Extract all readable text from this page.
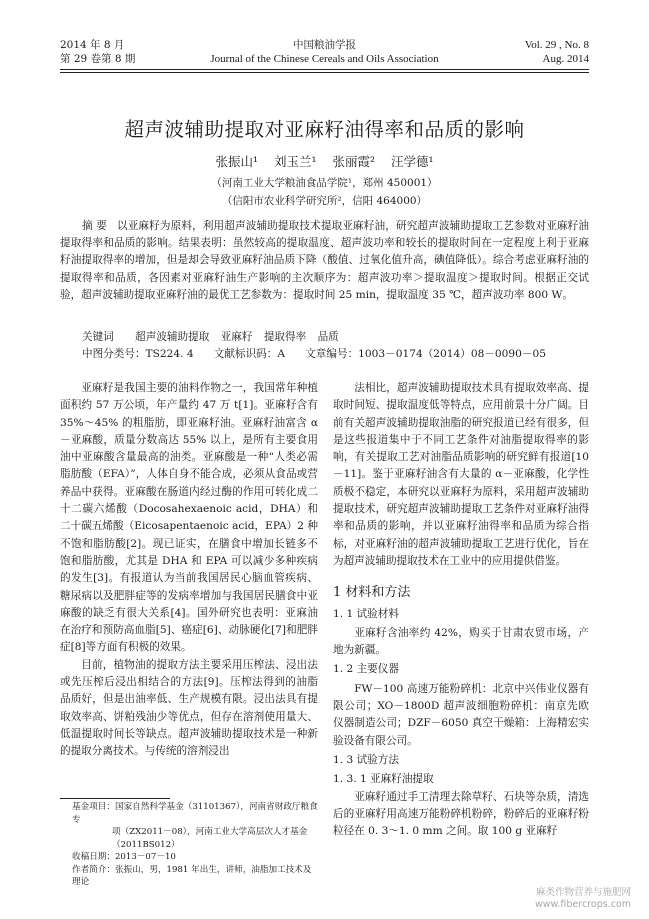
2014 年 8 月
第 29 卷第 8 期
中国粮油学报
Journal of the Chinese Cereals and Oils Association
Vol. 29 , No. 8
Aug. 2014
超声波辅助提取对亚麻籽油得率和品质的影响
张振山¹ 刘玉兰¹ 张丽霞² 汪学德¹
（河南工业大学粮油食品学院¹，郑州 450001）
（信阳市农业科学研究所²，信阳 464000）
摘 要 以亚麻籽为原料，利用超声波辅助提取技术提取亚麻籽油，研究超声波辅助提取工艺参数对亚麻籽油提取得率和品质的影响。结果表明：虽然较高的提取温度、超声波功率和较长的提取时间在一定程度上利于亚麻籽油提取得率的增加，但是却会导致亚麻籽油品质下降（酸值、过氧化值升高，碘值降低）。综合考虑亚麻籽油的提取得率和品质，各因素对亚麻籽油生产影响的主次顺序为：超声波功率＞提取温度＞提取时间。根据正交试验，超声波辅助提取亚麻籽油的最优工艺参数为：提取时间 25 min，提取温度 35 ℃，超声波功率 800 W。
关键词 超声波辅助提取 亚麻籽 提取得率 品质
中图分类号：TS224. 4      文献标识码：A      文章编号：1003－0174（2014）08－0090－05

亚麻籽是我国主要的油料作物之一，我国常年种植面积约 57 万公顷，年产量约 47 万 t[1]。亚麻籽含有 35%～45% 的粗脂肪，即亚麻籽油。亚麻籽油富含 α－亚麻酸，质量分数高达 55% 以上，是所有主要食用油中亚麻酸含量最高的油类。亚麻酸是一种“人类必需脂肪酸（EFA）”，人体自身不能合成，必须从食品或营养品中获得。亚麻酸在肠道内经过酶的作用可转化成二十二碳六烯酸（Docosahexaenoic acid，DHA）和二十碳五烯酸（Eicosapentaenoic acid，EPA）2 种不饱和脂肪酸[2]。现已证实，在膳食中增加长链多不饱和脂肪酸，尤其是 DHA 和 EPA 可以减少多种疾病的发生[3]。有报道认为当前我国居民心脑血管疾病、糖尿病以及肥胖症等的发病率增加与我国居民膳食中亚麻酸的缺乏有很大关系[4]。国外研究也表明：亚麻油在治疗和预防高血脂[5]、癌症[6]、动脉硬化[7]和肥胖症[8]等方面有积极的效果。

目前，植物油的提取方法主要采用压榨法、浸出法或先压榨后浸出相结合的方法[9]。压榨法得到的油脂品质好，但是出油率低、生产规模有限。浸出法具有提取效率高、饼粕残油少等优点，但存在溶剂使用量大、低温提取时间长等缺点。超声波辅助提取技术是一种新的提取分离技术。与传统的溶剂浸出

法相比，超声波辅助提取技术具有提取效率高、提取时间短、提取温度低等特点，应用前景十分广阔。目前有关超声波辅助提取油脂的研究报道已经有很多，但是这些报道集中于不同工艺条件对油脂提取得率的影响，有关提取工艺对油脂品质影响的研究鲜有报道[10－11]。鉴于亚麻籽油含有大量的 α－亚麻酸，化学性质极不稳定，本研究以亚麻籽为原料，采用超声波辅助提取技术，研究超声波辅助提取工艺条件对亚麻籽油得率和品质的影响，并以亚麻籽油得率和品质为综合指标，对亚麻籽油的超声波辅助提取工艺进行优化，旨在为超声波辅助提取技术在工业中的应用提供借鉴。

1 材料和方法
1. 1 试验材料

亚麻籽含油率约 42%，购买于甘肃农贸市场，产地为新疆。

1. 2 主要仪器

FW－100 高速万能粉碎机：北京中兴伟业仪器有限公司；XO－1800D 超声波细胞粉碎机：南京先欧仪器制造公司；DZF－6050 真空干燥箱：上海精宏实验设备有限公司。

1. 3 试验方法
1. 3. 1 亚麻籽油提取

亚麻籽通过手工清理去除草籽、石块等杂质，清选后的亚麻籽用高速万能粉碎机粉碎，粉碎后的亚麻籽粉粒径在 0. 3～1. 0 mm 之间。取 100 g 亚麻籽

基金项目：国家自然科学基金（31101367），河南省财政厅粮食专

项（ZX2011－08），河南工业大学高层次人才基金

（2011BS012）

收稿日期：2013－07－10

作者简介：张振山，男，1981 年出生，讲师，油脂加工技术及理论

麻类作物营养与施肥网
www.fibercrops.com
